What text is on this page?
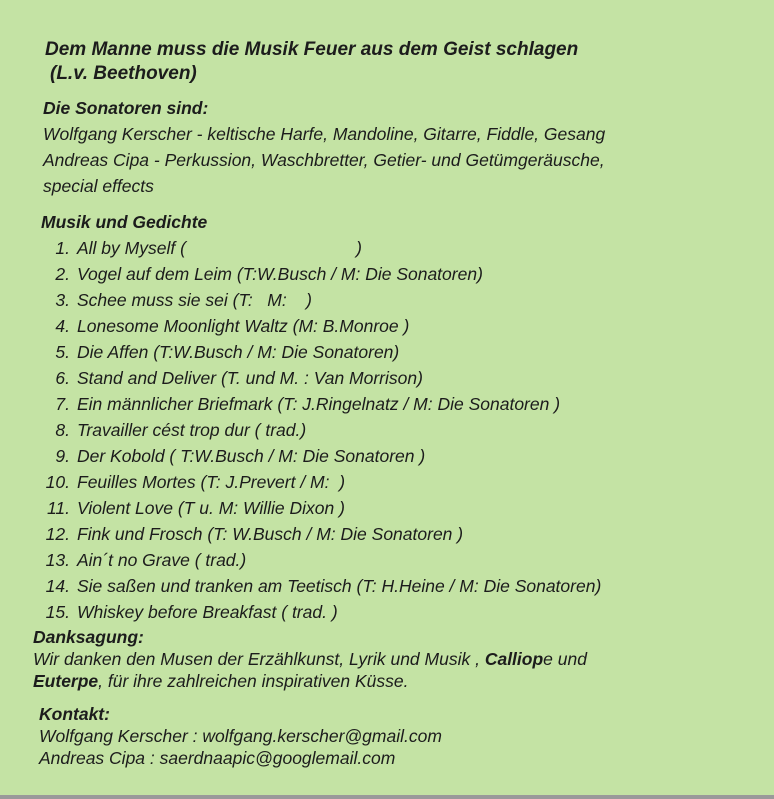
Dem Manne muss die Musik Feuer aus dem Geist schlagen
(L.v. Beethoven)
Die Sonatoren sind:
Wolfgang Kerscher - keltische Harfe, Mandoline, Gitarre, Fiddle, Gesang
Andreas Cipa - Perkussion, Waschbretter, Getier- und Getümgeräusche,
special effects
Musik und Gedichte
1. All by Myself (                                   )
2. Vogel auf dem Leim (T:W.Busch / M: Die Sonatoren)
3. Schee muss sie sei (T:   M:    )
4. Lonesome Moonlight Waltz (M: B.Monroe )
5. Die Affen (T:W.Busch / M: Die Sonatoren)
6. Stand and Deliver (T. und M. : Van Morrison)
7. Ein männlicher Briefmark (T: J.Ringelnatz / M: Die Sonatoren )
8. Travailler cést trop dur ( trad.)
9. Der Kobold ( T:W.Busch / M: Die Sonatoren )
10. Feuilles Mortes (T: J.Prevert / M:  )
11. Violent Love (T u. M: Willie Dixon )
12. Fink und Frosch (T: W.Busch / M: Die Sonatoren )
13. Ain´t no Grave ( trad.)
14. Sie saßen und tranken am Teetisch (T: H.Heine / M: Die Sonatoren)
15. Whiskey before Breakfast ( trad. )
Danksagung:
Wir danken den Musen der Erzählkunst, Lyrik und Musik , Calliope und
Euterpe, für ihre zahlreichen inspirativen Küsse.
Kontakt:
Wolfgang Kerscher : wolfgang.kerscher@gmail.com
Andreas Cipa : saerdnaapic@googlemail.com
